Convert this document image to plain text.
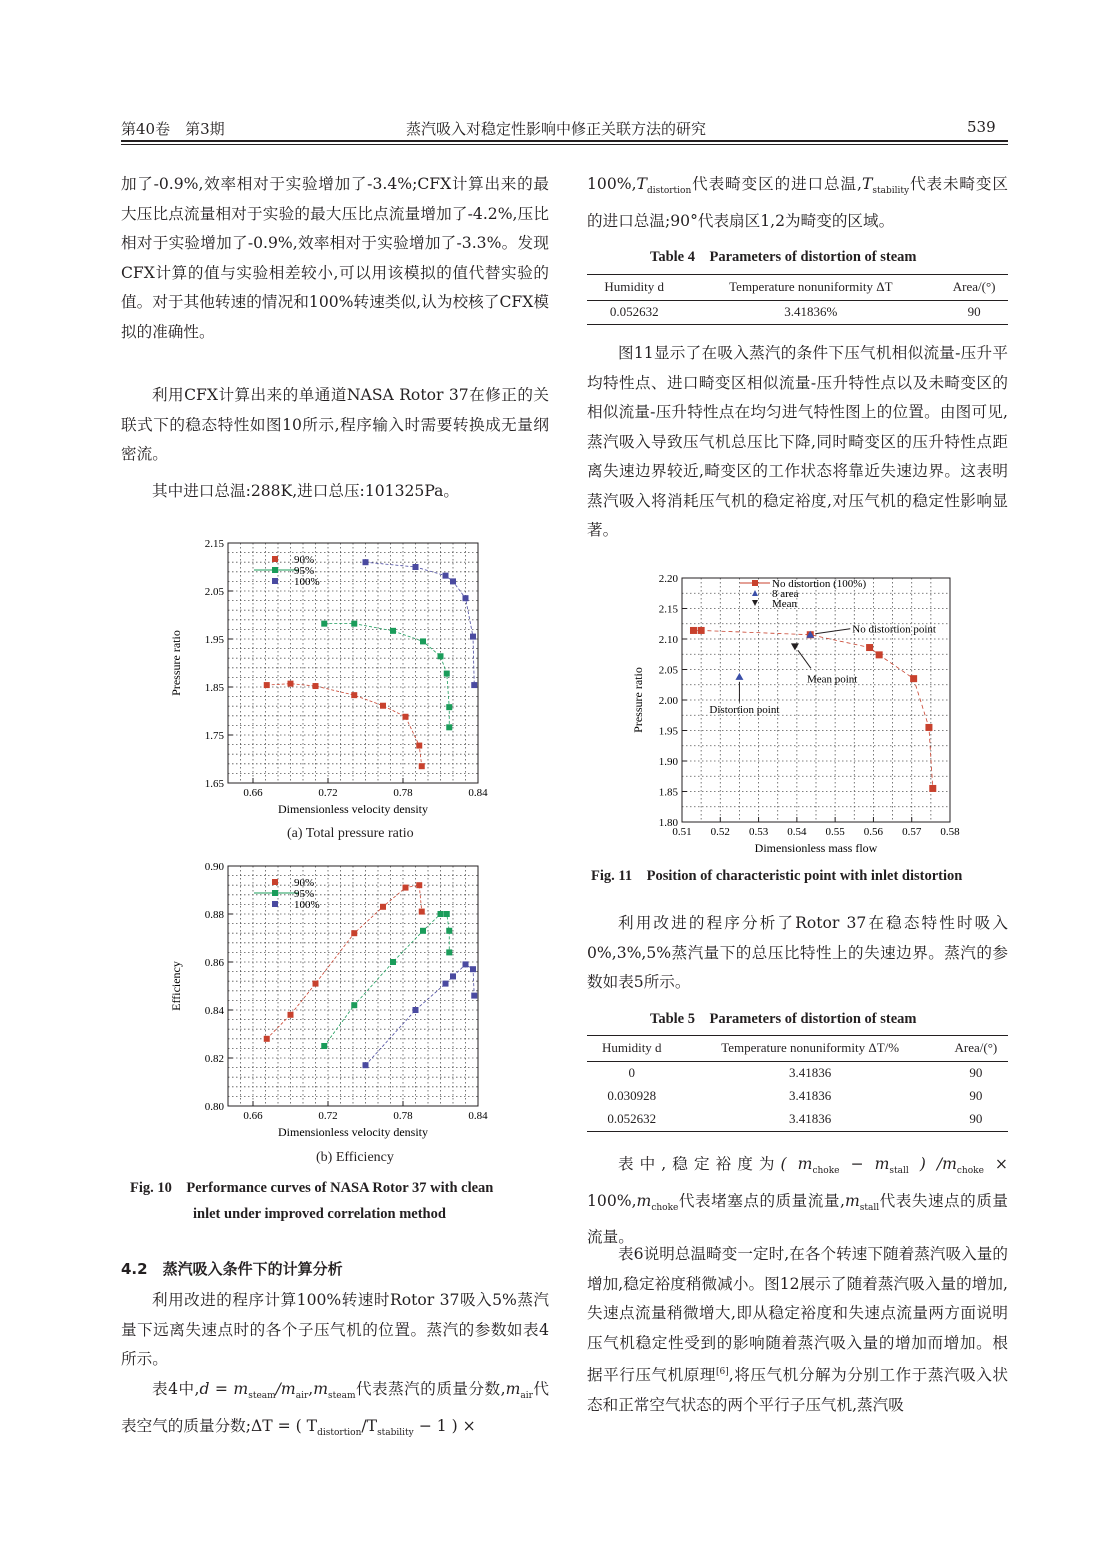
第40卷　第3期	蒸汽吸入对稳定性影响中修正关联方法的研究	539

加了-0.9%,效率相对于实验增加了-3.4%;CFX计算出来的最大压比点流量相对于实验的最大压比点流量增加了-4.2%,压比相对于实验增加了-0.9%,效率相对于实验增加了-3.3%。发现CFX计算的值与实验相差较小,可以用该模拟的值代替实验的值。对于其他转速的情况和100%转速类似,认为校核了CFX模拟的准确性。

利用CFX计算出来的单通道NASA Rotor 37在修正的关联式下的稳态特性如图10所示,程序输入时需要转换成无量纲密流。

其中进口总温:288K,进口总压:101325Pa。

0.66	0.72	0.78	0.84
1.65
1.75
1.85
1.95
2.05
2.15
Dimensionless velocity density
Pressure ratio
90%
95%
100%
(a) Total pressure ratio
0.66	0.72	0.78	0.84
0.80
0.82
0.84
0.86
0.88
0.90
Dimensionless velocity density
Efficiency
90%
95%
100%
(b) Efficiency
Fig. 10　Performance curves of NASA Rotor 37 with clean
inlet under improved correlation method
4.2　蒸汽吸入条件下的计算分析

利用改进的程序计算100%转速时Rotor 37吸入5%蒸汽量下远离失速点时的各个子压气机的位置。蒸汽的参数如表4所示。

表4中$,d = m_{steam}/m_{air},m_{steam}$代表蒸汽的质量分数$,m_{air}$代表空气的质量分数;ΔT = ( $T_{distortion}/T_{stability} - 1$ ) ×

$100\%,T_{distortion}$代表畸变区的进口总温$,T_{stability}$代表未畸变区的进口总温;90°代表扇区1,2为畸变的区域。

Table 4　Parameters of distortion of steam
Humidity d	Temperature nonuniformity ΔT	Area/(°)
0.052632	3.41836%	90

图11显示了在吸入蒸汽的条件下压气机相似流量-压升平均特性点、进口畸变区相似流量-压升特性点以及未畸变区的相似流量-压升特性点在均匀进气特性图上的位置。由图可见,蒸汽吸入导致压气机总压比下降,同时畸变区的压升特性点距离失速边界较近,畸变区的工作状态将靠近失速边界。这表明蒸汽吸入将消耗压气机的稳定裕度,对压气机的稳定性影响显著。

0.51 0.52 0.53 0.54 0.55 0.56 0.57 0.58
1.80
1.85
1.90
1.95
2.00
2.05
2.10
2.15
2.20
Dimensionless mass flow
Pressure ratio
No distortion (100%)
8 area
Mean
No distortion point
Mean point
Distortion point
Fig. 11　Position of characteristic point with inlet distortion

利用改进的程序分析了Rotor 37在稳态特性时吸入0%,3%,5%蒸汽量下的总压比特性上的失速边界。蒸汽的参数如表5所示。

Table 5　Parameters of distortion of steam
Humidity d	Temperature nonuniformity ΔT/%	Area/(°)
0	3.41836	90
0.030928	3.41836	90
0.052632	3.41836	90

表中,稳定裕度为( $m_{choke} - m_{stall}$ ) $/m_{choke} \times 100\%,m_{choke}$代表堵塞点的质量流量$,m_{stall}$代表失速点的质量流量。

表6说明总温畸变一定时,在各个转速下随着蒸汽吸入量的增加,稳定裕度稍微减小。图12展示了随着蒸汽吸入量的增加,失速点流量稍微增大,即从稳定裕度和失速点流量两方面说明压气机稳定性受到的影响随着蒸汽吸入量的增加而增加。根据平行压气机原理[6],将压气机分解为分别工作于蒸汽吸入状态和正常空气状态的两个平行子压气机,蒸汽吸
